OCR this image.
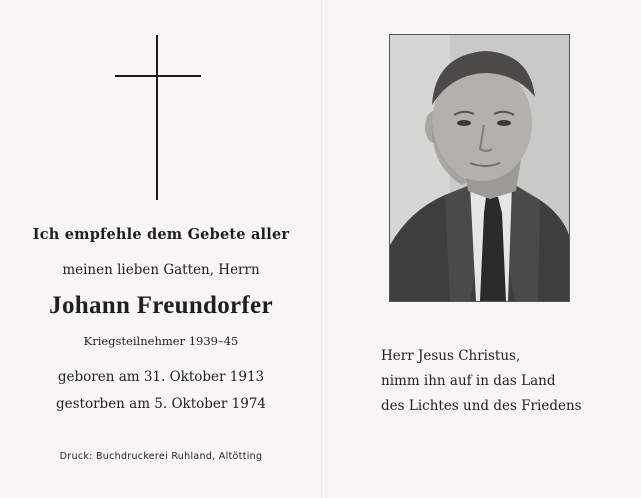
Ich empfehle dem Gebete aller
meinen lieben Gatten, Herrn
Johann Freundorfer
Kriegsteilnehmer 1939–45
geboren am 31. Oktober 1913
gestorben am 5. Oktober 1974
Druck: Buchdruckerei Ruhland, Altötting
Herr Jesus Christus,
nimm ihn auf in das Land
des Lichtes und des Friedens
